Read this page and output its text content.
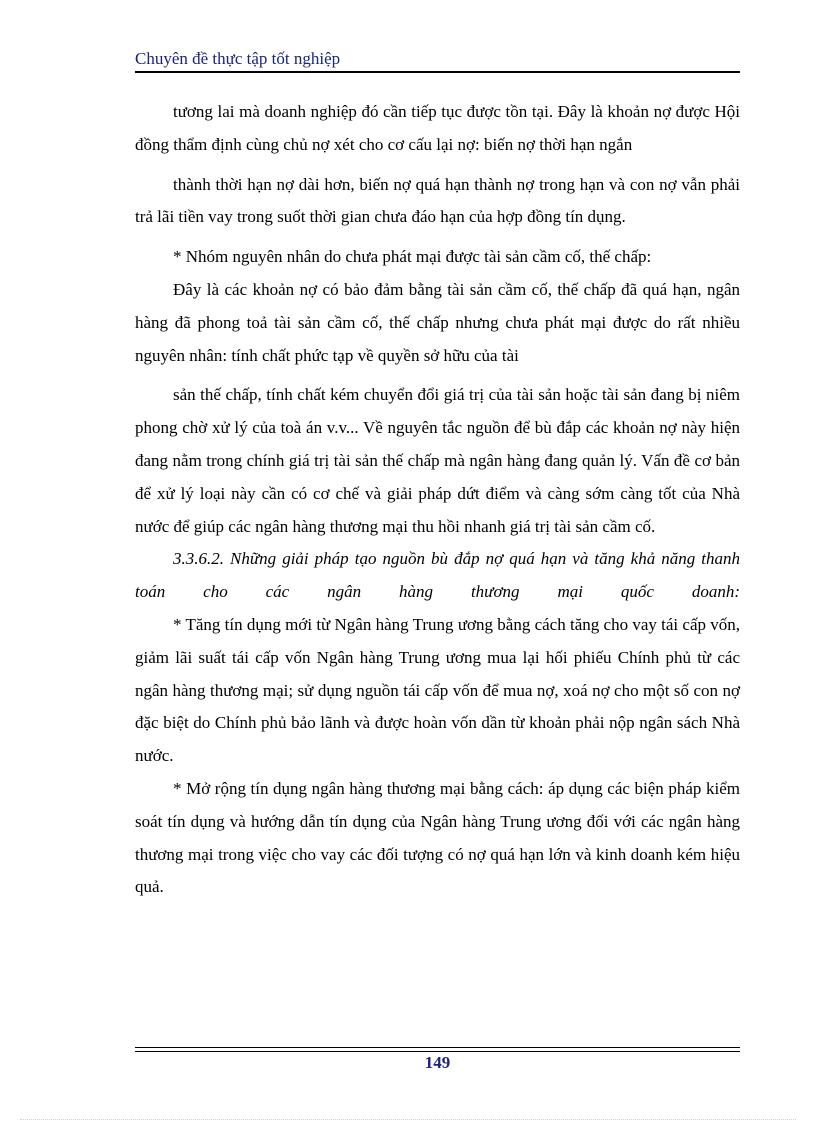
Chuyên đề thực tập tốt nghiệp

tương lai mà doanh nghiệp đó cần tiếp tục được tồn tại. Đây là khoản nợ được Hội đồng thẩm định cùng chủ nợ xét cho cơ cấu lại nợ: biến nợ thời hạn ngắn

thành thời hạn nợ dài hơn, biến nợ quá hạn thành nợ trong hạn và con nợ vẫn phải trả lãi tiền vay trong suốt thời gian chưa đáo hạn của hợp đồng tín dụng.

* Nhóm nguyên nhân do chưa phát mại được tài sản cầm cố, thế chấp:

Đây là các khoản nợ có bảo đảm bằng tài sản cầm cố, thế chấp đã quá hạn, ngân hàng đã phong toả tài sản cầm cố, thế chấp nhưng chưa phát mại được do rất nhiều nguyên nhân: tính chất phức tạp về quyền sở hữu của tài

sản thế chấp, tính chất kém chuyển đổi giá trị của tài sản hoặc tài sản đang bị niêm phong chờ xử lý của toà án v.v... Về nguyên tắc nguồn để bù đắp các khoản nợ này hiện đang nằm trong chính giá trị tài sản thế chấp mà ngân hàng đang quản lý. Vấn đề cơ bản để xử lý loại này cần có cơ chế và giải pháp dứt điểm và càng sớm càng tốt của Nhà nước để giúp các ngân hàng thương mại thu hồi nhanh giá trị tài sản cầm cố.

3.3.6.2. Những giải pháp tạo nguồn bù đắp nợ quá hạn và tăng khả năng thanh toán cho các ngân hàng thương mại quốc doanh:

* Tăng tín dụng mới từ Ngân hàng Trung ương bằng cách tăng cho vay tái cấp vốn, giảm lãi suất tái cấp vốn Ngân hàng Trung ương mua lại hối phiếu Chính phủ từ các ngân hàng thương mại; sử dụng nguồn tái cấp vốn để mua nợ, xoá nợ cho một số con nợ đặc biệt do Chính phủ bảo lãnh và được hoàn vốn dần từ khoản phải nộp ngân sách Nhà nước.

* Mở rộng tín dụng ngân hàng thương mại bằng cách: áp dụng các biện pháp kiểm soát tín dụng và hướng dẫn tín dụng của Ngân hàng Trung ương đối với các ngân hàng thương mại trong việc cho vay các đối tượng có nợ quá hạn lớn và kinh doanh kém hiệu quả.

149
